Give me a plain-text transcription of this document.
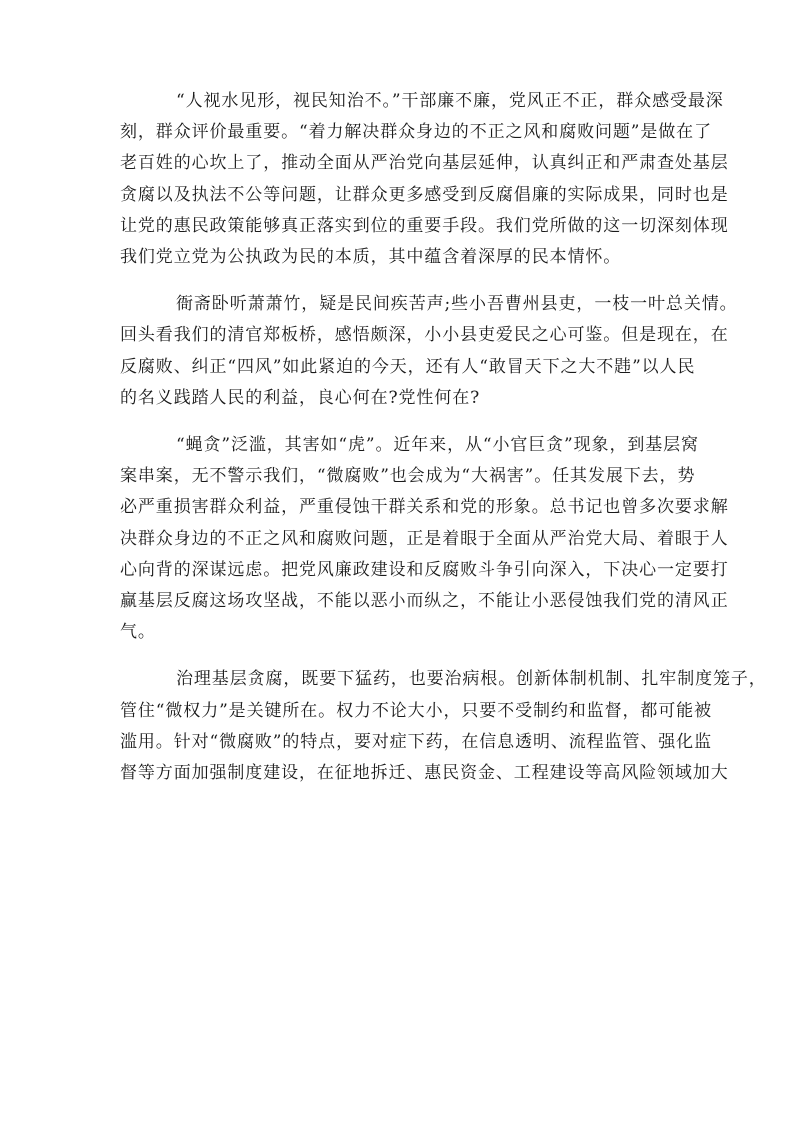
“人视水见形，视民知治不。”干部廉不廉，党风正不正，群众感受最深
刻，群众评价最重要。“着力解决群众身边的不正之风和腐败问题”是做在了
老百姓的心坎上了，推动全面从严治党向基层延伸，认真纠正和严肃查处基层
贪腐以及执法不公等问题，让群众更多感受到反腐倡廉的实际成果，同时也是
让党的惠民政策能够真正落实到位的重要手段。我们党所做的这一切深刻体现
我们党立党为公执政为民的本质，其中蕴含着深厚的民本情怀。

衙斋卧听萧萧竹，疑是民间疾苦声;些小吾曹州县吏，一枝一叶总关情。
回头看我们的清官郑板桥，感悟颇深，小小县吏爱民之心可鉴。但是现在，在
反腐败、纠正“四风”如此紧迫的今天，还有人“敢冒天下之大不韪”以人民
的名义践踏人民的利益，良心何在?党性何在?

“蝇贪”泛滥，其害如“虎”。近年来，从“小官巨贪”现象，到基层窝
案串案，无不警示我们，“微腐败”也会成为“大祸害”。任其发展下去，势
必严重损害群众利益，严重侵蚀干群关系和党的形象。总书记也曾多次要求解
决群众身边的不正之风和腐败问题，正是着眼于全面从严治党大局、着眼于人
心向背的深谋远虑。把党风廉政建设和反腐败斗争引向深入，下决心一定要打
赢基层反腐这场攻坚战，不能以恶小而纵之，不能让小恶侵蚀我们党的清风正
气。

治理基层贪腐，既要下猛药，也要治病根。创新体制机制、扎牢制度笼子，
管住“微权力”是关键所在。权力不论大小，只要不受制约和监督，都可能被
滥用。针对“微腐败”的特点，要对症下药，在信息透明、流程监管、强化监
督等方面加强制度建设，在征地拆迁、惠民资金、工程建设等高风险领域加大
